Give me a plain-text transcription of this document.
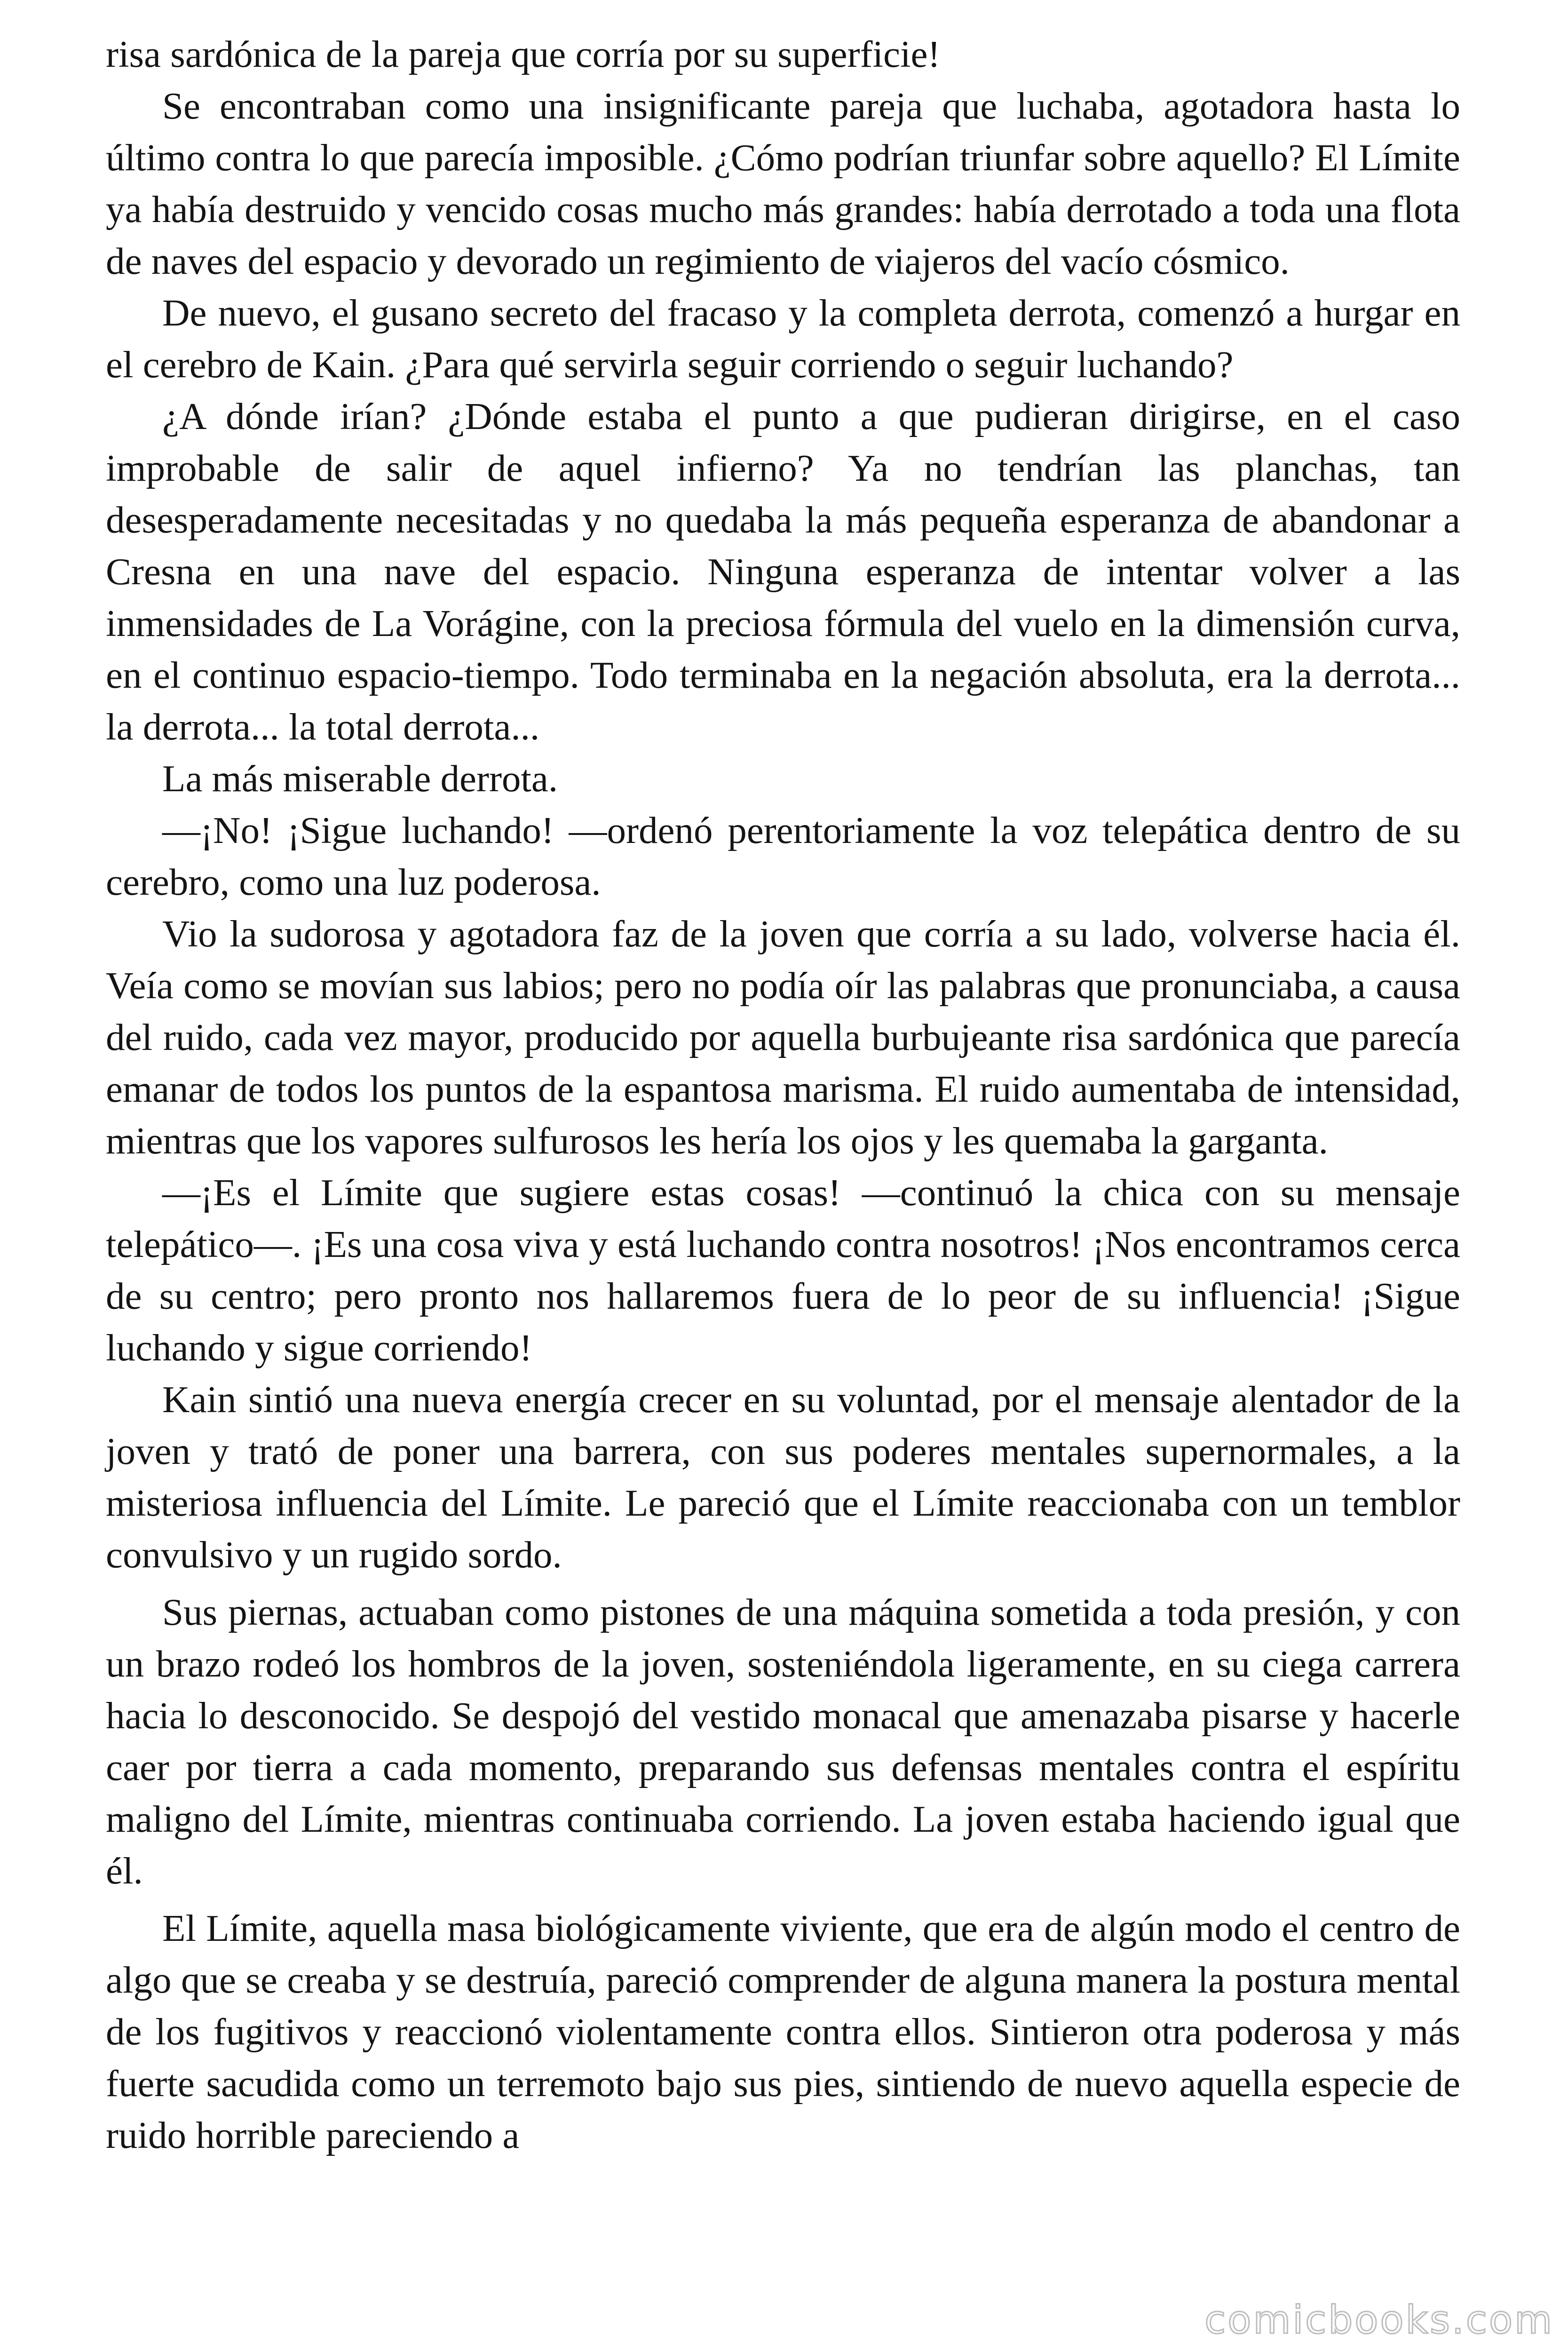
risa sardónica de la pareja que corría por su superficie!

Se encontraban como una insignificante pareja que luchaba, agotadora hasta lo último contra lo que parecía imposible. ¿Cómo podrían triunfar sobre aquello? El Límite ya había destruido y vencido cosas mucho más grandes: había derrotado a toda una flota de naves del espacio y devorado un regimiento de viajeros del vacío cósmico.

De nuevo, el gusano secreto del fracaso y la completa derrota, comenzó a hurgar en el cerebro de Kain. ¿Para qué servirla seguir corriendo o seguir luchando?

¿A dónde irían? ¿Dónde estaba el punto a que pudieran dirigirse, en el caso improbable de salir de aquel infierno? Ya no tendrían las planchas, tan desesperadamente necesitadas y no quedaba la más pequeña esperanza de abandonar a Cresna en una nave del espacio. Ninguna esperanza de intentar volver a las inmensidades de La Vorágine, con la preciosa fórmula del vuelo en la dimensión curva, en el continuo espacio-tiempo. Todo terminaba en la negación absoluta, era la derrota... la derrota... la total derrota...

La más miserable derrota.

—¡No! ¡Sigue luchando! —ordenó perentoriamente la voz telepática dentro de su cerebro, como una luz poderosa.

Vio la sudorosa y agotadora faz de la joven que corría a su lado, volverse hacia él. Veía como se movían sus labios; pero no podía oír las palabras que pronunciaba, a causa del ruido, cada vez mayor, producido por aquella burbujeante risa sardónica que parecía emanar de todos los puntos de la espantosa marisma. El ruido aumentaba de intensidad, mientras que los vapores sulfurosos les hería los ojos y les quemaba la garganta.

—¡Es el Límite que sugiere estas cosas! —continuó la chica con su mensaje telepático—. ¡Es una cosa viva y está luchando contra nosotros! ¡Nos encontramos cerca de su centro; pero pronto nos hallaremos fuera de lo peor de su influencia! ¡Sigue luchando y sigue corriendo!

Kain sintió una nueva energía crecer en su voluntad, por el mensaje alentador de la joven y trató de poner una barrera, con sus poderes mentales supernormales, a la misteriosa influencia del Límite. Le pareció que el Límite reaccionaba con un temblor convulsivo y un rugido sordo.

Sus piernas, actuaban como pistones de una máquina sometida a toda presión, y con un brazo rodeó los hombros de la joven, sosteniéndola ligeramente, en su ciega carrera hacia lo desconocido. Se despojó del vestido monacal que amenazaba pisarse y hacerle caer por tierra a cada momento, preparando sus defensas mentales contra el espíritu maligno del Límite, mientras continuaba corriendo. La joven estaba haciendo igual que él.

El Límite, aquella masa biológicamente viviente, que era de algún modo el centro de algo que se creaba y se destruía, pareció comprender de alguna manera la postura mental de los fugitivos y reaccionó violentamente contra ellos. Sintieron otra poderosa y más fuerte sacudida como un terremoto bajo sus pies, sintiendo de nuevo aquella especie de ruido horrible pareciendo a

comicbooks.com
